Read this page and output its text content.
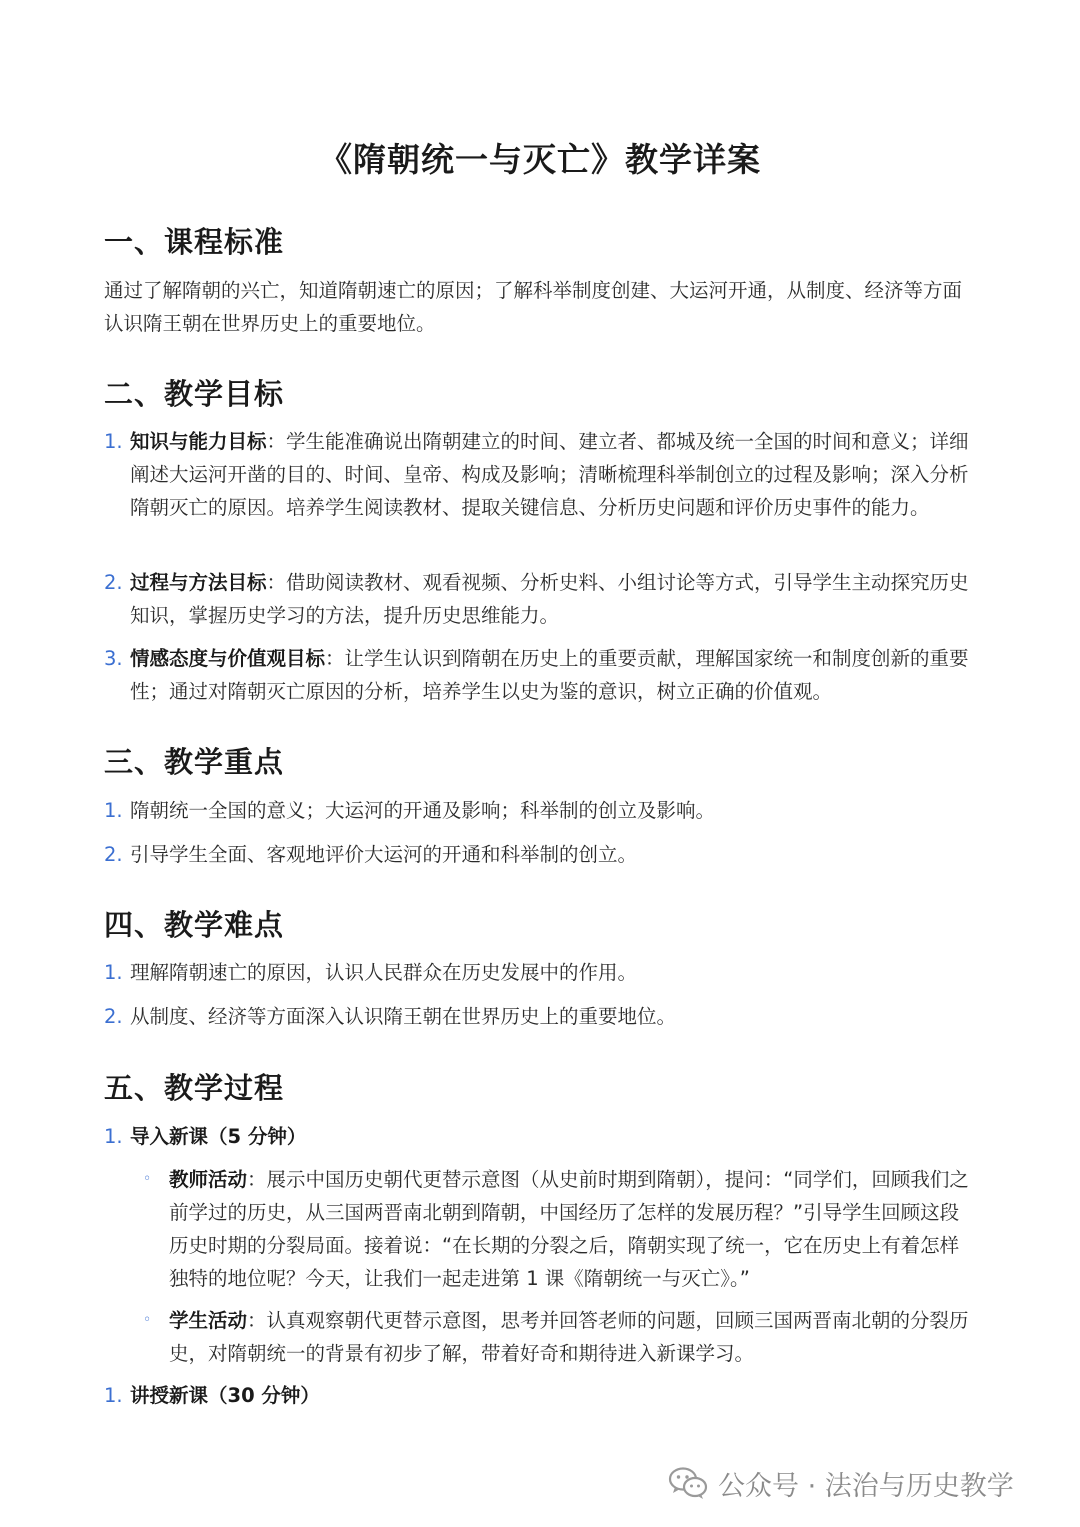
《隋朝统一与灭亡》教学详案
一、课程标准
通过了解隋朝的兴亡，知道隋朝速亡的原因；了解科举制度创建、大运河开通，从制度、经济等方面认识隋王朝在世界历史上的重要地位。
二、教学目标
1. 知识与能力目标：学生能准确说出隋朝建立的时间、建立者、都城及统一全国的时间和意义；详细阐述大运河开凿的目的、时间、皇帝、构成及影响；清晰梳理科举制创立的过程及影响；深入分析隋朝灭亡的原因。培养学生阅读教材、提取关键信息、分析历史问题和评价历史事件的能力。
2. 过程与方法目标：借助阅读教材、观看视频、分析史料、小组讨论等方式，引导学生主动探究历史知识，掌握历史学习的方法，提升历史思维能力。
3. 情感态度与价值观目标：让学生认识到隋朝在历史上的重要贡献，理解国家统一和制度创新的重要性；通过对隋朝灭亡原因的分析，培养学生以史为鉴的意识，树立正确的价值观。
三、教学重点
1. 隋朝统一全国的意义；大运河的开通及影响；科举制的创立及影响。
2. 引导学生全面、客观地评价大运河的开通和科举制的创立。
四、教学难点
1. 理解隋朝速亡的原因，认识人民群众在历史发展中的作用。
2. 从制度、经济等方面深入认识隋王朝在世界历史上的重要地位。
五、教学过程
1. 导入新课（5 分钟）
◦ 教师活动：展示中国历史朝代更替示意图（从史前时期到隋朝），提问：“同学们，回顾我们之前学过的历史，从三国两晋南北朝到隋朝，中国经历了怎样的发展历程？”引导学生回顾这段历史时期的分裂局面。接着说：“在长期的分裂之后，隋朝实现了统一，它在历史上有着怎样独特的地位呢？今天，让我们一起走进第 1 课《隋朝统一与灭亡》。”
◦ 学生活动：认真观察朝代更替示意图，思考并回答老师的问题，回顾三国两晋南北朝的分裂历史，对隋朝统一的背景有初步了解，带着好奇和期待进入新课学习。
1. 讲授新课（30 分钟）
公众号 · 法治与历史教学
